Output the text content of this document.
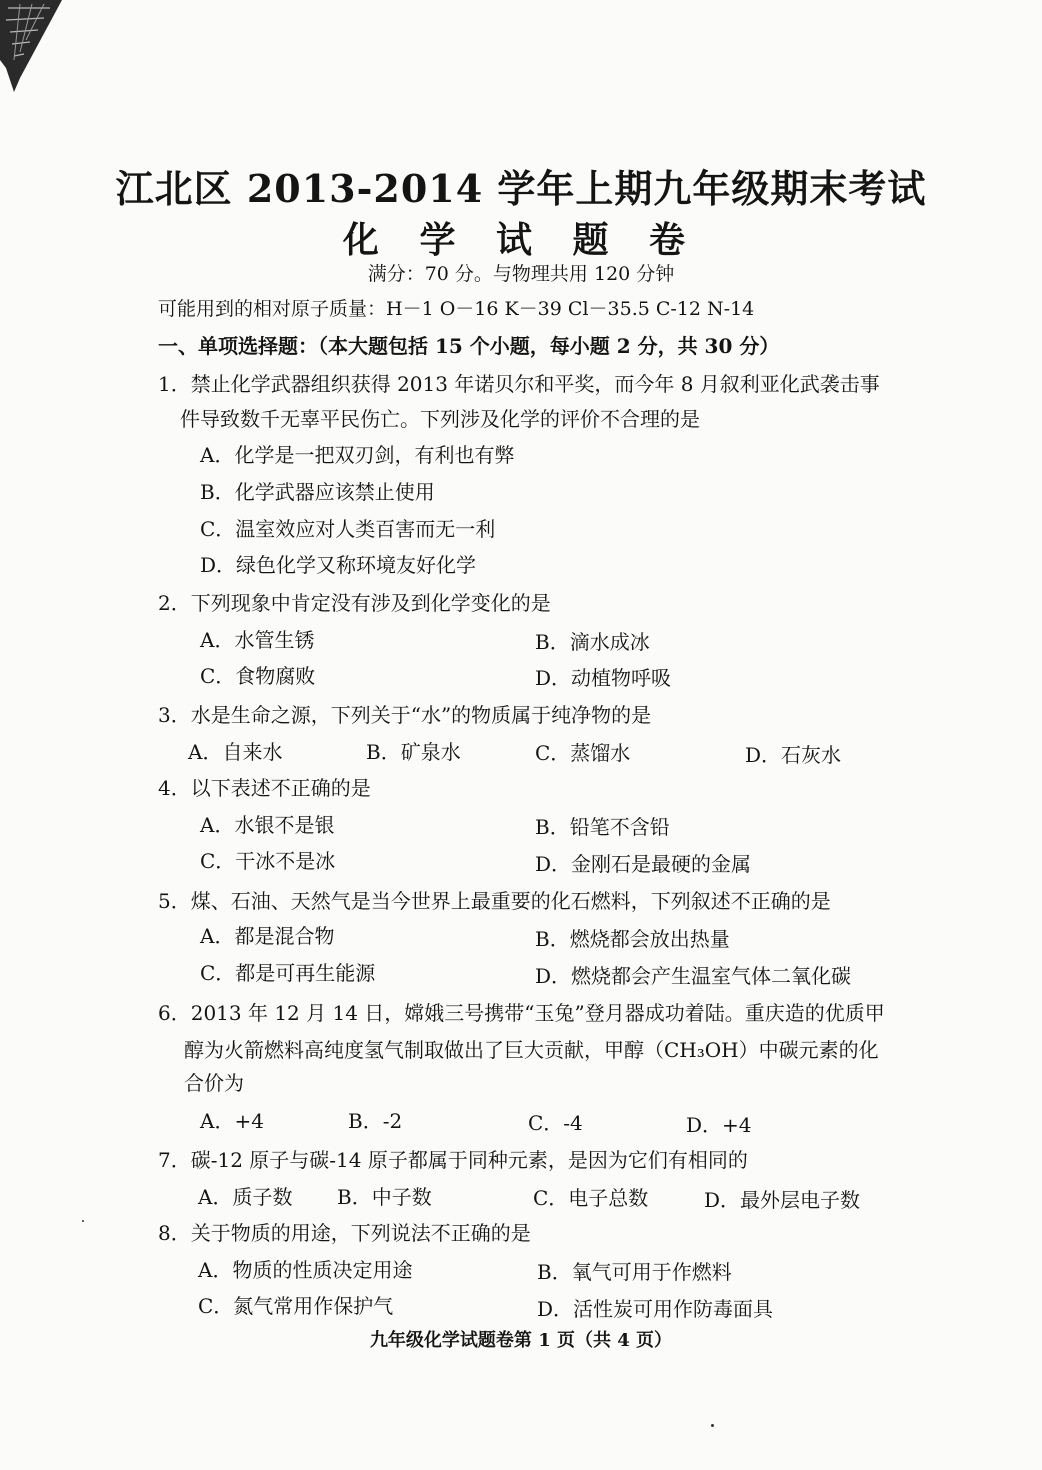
江北区 2013-2014 学年上期九年级期末考试
化 学 试 题 卷
满分：70 分。与物理共用 120 分钟
可能用到的相对原子质量：H－1 O－16 K－39 Cl－35.5 C-12 N-14
一、单项选择题：（本大题包括 15 个小题，每小题 2 分，共 30 分）
1．禁止化学武器组织获得 2013 年诺贝尔和平奖，而今年 8 月叙利亚化武袭击事
件导致数千无辜平民伤亡。下列涉及化学的评价不合理的是
A．化学是一把双刃剑，有利也有弊
B．化学武器应该禁止使用
C．温室效应对人类百害而无一利
D．绿色化学又称环境友好化学
2．下列现象中肯定没有涉及到化学变化的是
A．水管生锈	B．滴水成冰
C．食物腐败	D．动植物呼吸
3．水是生命之源，下列关于“水”的物质属于纯净物的是
A．自来水	B．矿泉水	C．蒸馏水	D．石灰水
4．以下表述不正确的是
A．水银不是银	B．铅笔不含铅
C．干冰不是冰	D．金刚石是最硬的金属
5．煤、石油、天然气是当今世界上最重要的化石燃料，下列叙述不正确的是
A．都是混合物	B．燃烧都会放出热量
C．都是可再生能源	D．燃烧都会产生温室气体二氧化碳
6．2013 年 12 月 14 日，嫦娥三号携带“玉兔”登月器成功着陆。重庆造的优质甲
醇为火箭燃料高纯度氢气制取做出了巨大贡献，甲醇（CH₃OH）中碳元素的化
合价为
A．+4	B．-2	C．-4	D．+4
7．碳-12 原子与碳-14 原子都属于同种元素，是因为它们有相同的
A．质子数 B．中子数	C．电子总数	D．最外层电子数
8．关于物质的用途，下列说法不正确的是
A．物质的性质决定用途	B．氧气可用于作燃料
C．氮气常用作保护气	D．活性炭可用作防毒面具
九年级化学试题卷第 1 页（共 4 页）
